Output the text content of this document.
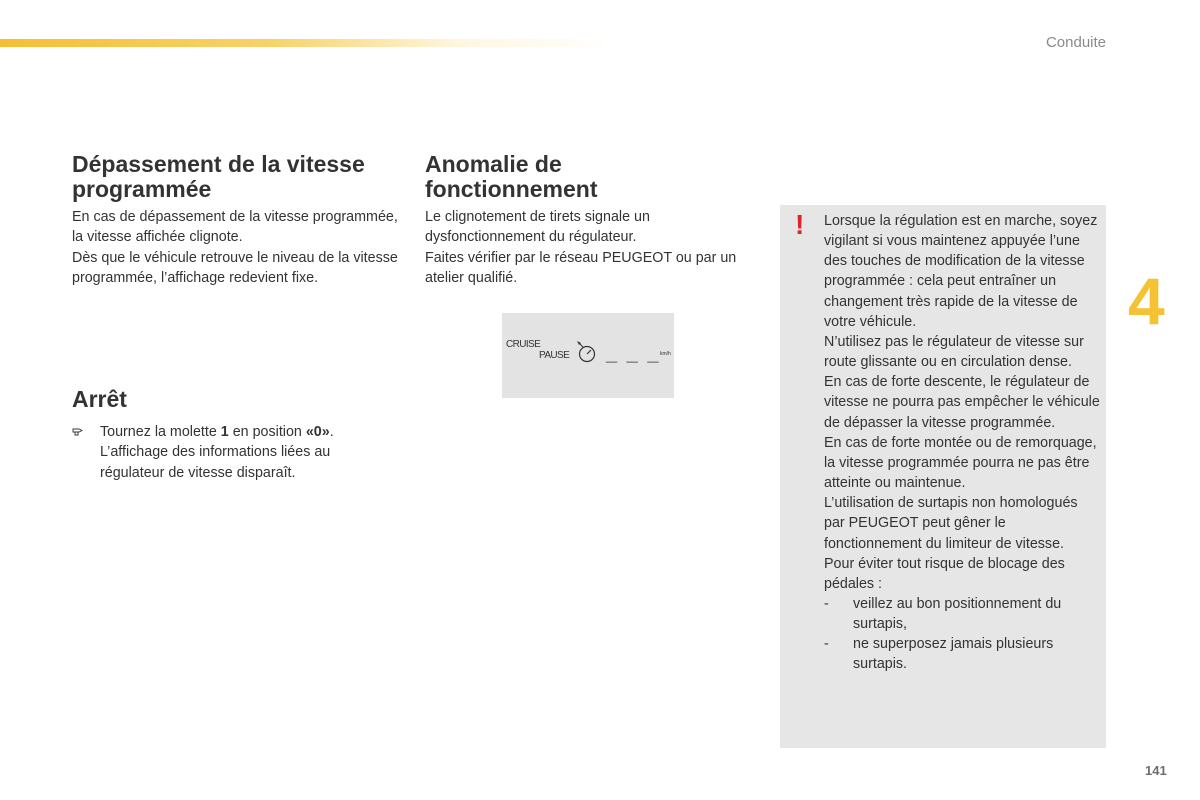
Conduite
4
141
Dépassement de la vitesse
programmée

En cas de dépassement de la vitesse programmée, la vitesse affichée clignote.

Dès que le véhicule retrouve le niveau de la vitesse programmée, l’affichage redevient fixe.

Arrêt
Tournez la molette 1 en position «0».
L’affichage des informations liées au régulateur de vitesse disparaît.
Anomalie de
fonctionnement

Le clignotement de tirets signale un dysfonctionnement du régulateur.

Faites vérifier par le réseau PEUGEOT ou par un atelier qualifié.

CRUISE
PAUSE _ _ _ km/h
! Lorsque la régulation est en marche, soyez vigilant si vous maintenez appuyée l’une des touches de modification de la vitesse programmée : cela peut entraîner un changement très rapide de la vitesse de votre véhicule.

N’utilisez pas le régulateur de vitesse sur route glissante ou en circulation dense.

En cas de forte descente, le régulateur de vitesse ne pourra pas empêcher le véhicule de dépasser la vitesse programmée.

En cas de forte montée ou de remorquage, la vitesse programmée pourra ne pas être atteinte ou maintenue.

L’utilisation de surtapis non homologués par PEUGEOT peut gêner le fonctionnement du limiteur de vitesse.

Pour éviter tout risque de blocage des pédales :

-	veillez au bon positionnement du surtapis,
-	ne superposez jamais plusieurs surtapis.
